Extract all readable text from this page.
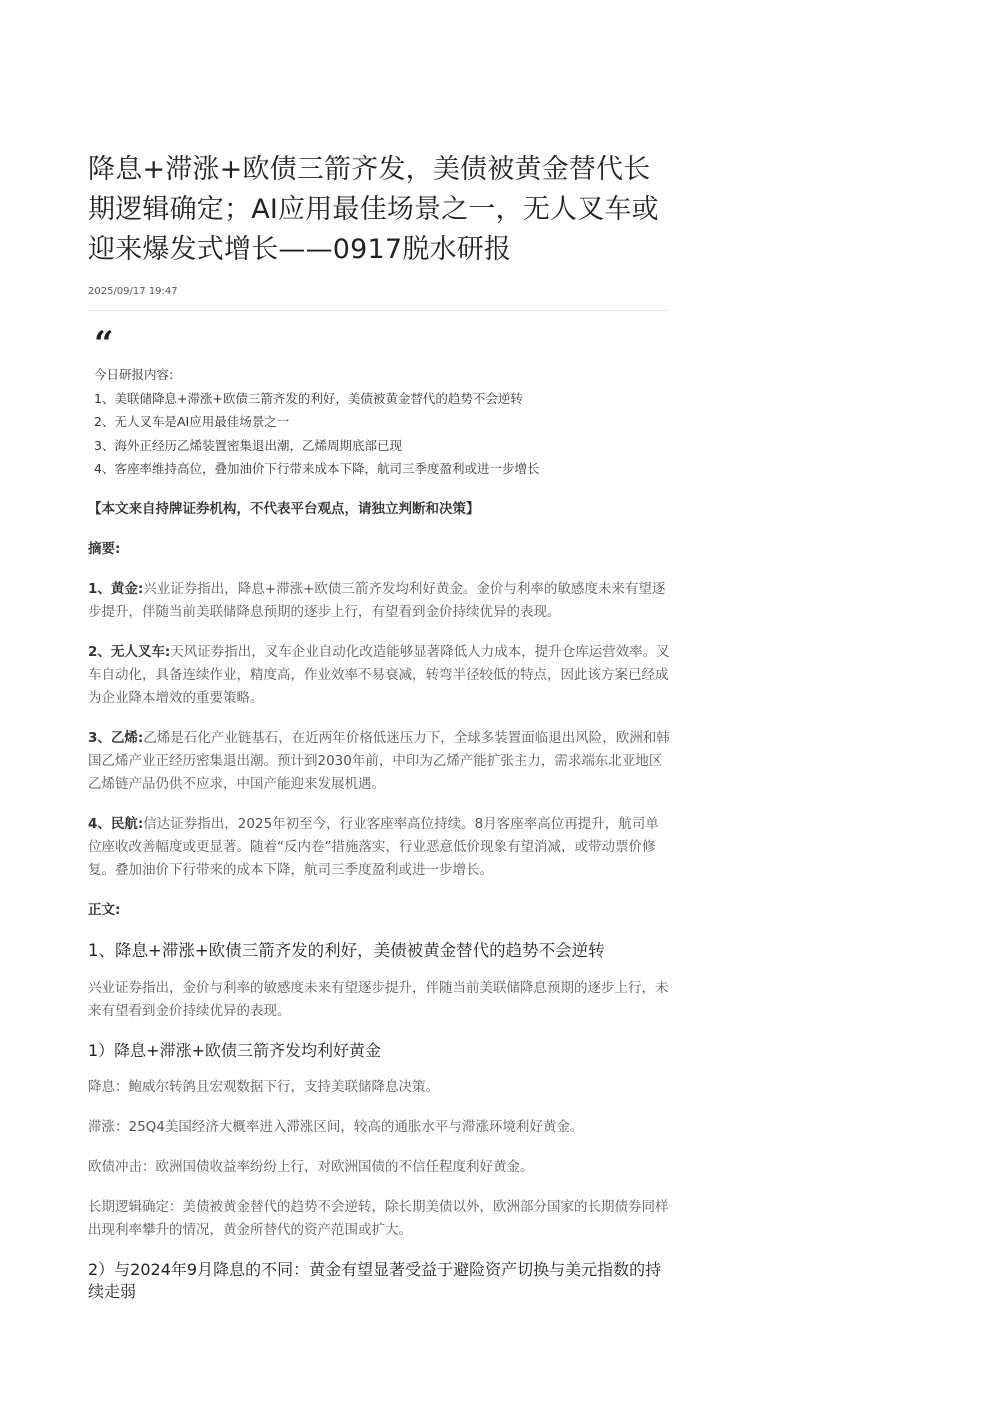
降息+滞涨+欧债三箭齐发，美债被黄金替代长期逻辑确定；AI应用最佳场景之一，无人叉车或迎来爆发式增长——0917脱水研报
2025/09/17 19:47
“
今日研报内容:
1、美联储降息+滞涨+欧债三箭齐发的利好，美债被黄金替代的趋势不会逆转
2、无人叉车是AI应用最佳场景之一
3、海外正经历乙烯装置密集退出潮，乙烯周期底部已现
4、客座率维持高位，叠加油价下行带来成本下降，航司三季度盈利或进一步增长

【本文来自持牌证券机构，不代表平台观点，请独立判断和决策】

摘要:

1、黄金:兴业证券指出，降息+滞涨+欧债三箭齐发均利好黄金。金价与利率的敏感度未来有望逐步提升，伴随当前美联储降息预期的逐步上行，有望看到金价持续优异的表现。

2、无人叉车:天风证券指出，叉车企业自动化改造能够显著降低人力成本，提升仓库运营效率。叉车自动化，具备连续作业，精度高，作业效率不易衰减，转弯半径较低的特点，因此该方案已经成为企业降本增效的重要策略。

3、乙烯:乙烯是石化产业链基石，在近两年价格低迷压力下，全球多装置面临退出风险，欧洲和韩国乙烯产业正经历密集退出潮。预计到2030年前，中印为乙烯产能扩张主力，需求端东北亚地区乙烯链产品仍供不应求，中国产能迎来发展机遇。

4、民航:信达证券指出，2025年初至今，行业客座率高位持续。8月客座率高位再提升，航司单位座收改善幅度或更显著。随着“反内卷”措施落实，行业恶意低价现象有望消减，或带动票价修复。叠加油价下行带来的成本下降，航司三季度盈利或进一步增长。

正文:

1、降息+滞涨+欧债三箭齐发的利好，美债被黄金替代的趋势不会逆转

兴业证券指出，金价与利率的敏感度未来有望逐步提升，伴随当前美联储降息预期的逐步上行，未来有望看到金价持续优异的表现。

1）降息+滞涨+欧债三箭齐发均利好黄金

降息：鲍威尔转鸽且宏观数据下行，支持美联储降息决策。

滞涨：25Q4美国经济大概率进入滞涨区间，较高的通胀水平与滞涨环境利好黄金。

欧债冲击：欧洲国债收益率纷纷上行，对欧洲国债的不信任程度利好黄金。

长期逻辑确定：美债被黄金替代的趋势不会逆转，除长期美债以外，欧洲部分国家的长期债券同样出现利率攀升的情况，黄金所替代的资产范围或扩大。

2）与2024年9月降息的不同：黄金有望显著受益于避险资产切换与美元指数的持续走弱
